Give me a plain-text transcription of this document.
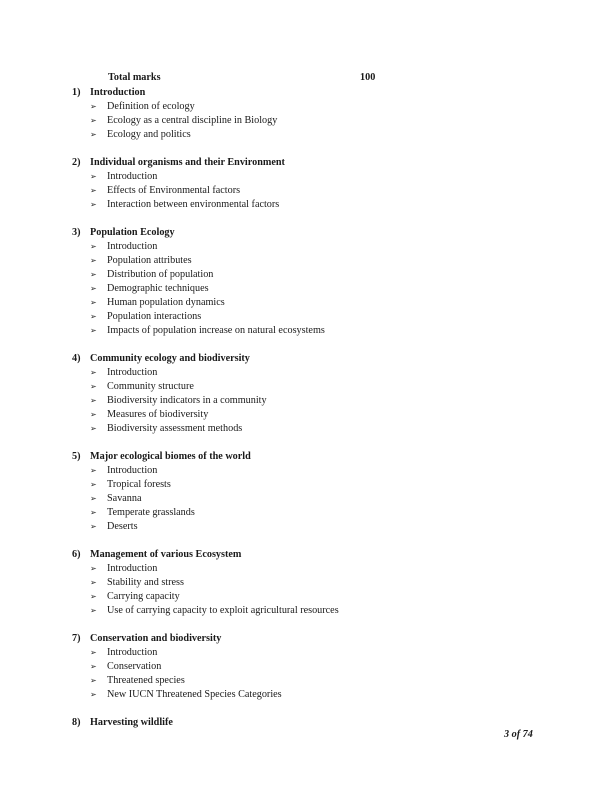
Total marks	100
1) Introduction
➢ Definition of ecology
➢ Ecology as a central discipline in Biology
➢ Ecology and politics
2) Individual organisms and their Environment
➢ Introduction
➢ Effects of Environmental factors
➢ Interaction between environmental factors
3) Population Ecology
➢ Introduction
➢ Population attributes
➢ Distribution of population
➢ Demographic techniques
➢ Human population dynamics
➢ Population interactions
➢ Impacts of population increase on natural ecosystems
4) Community ecology and biodiversity
➢ Introduction
➢ Community structure
➢ Biodiversity indicators in a community
➢ Measures of biodiversity
➢ Biodiversity assessment methods
5) Major ecological biomes of the world
➢ Introduction
➢ Tropical forests
➢ Savanna
➢ Temperate grasslands
➢ Deserts
6) Management of various Ecosystem
➢ Introduction
➢ Stability and stress
➢ Carrying capacity
➢ Use of carrying capacity to exploit agricultural resources
7) Conservation and biodiversity
➢ Introduction
➢ Conservation
➢ Threatened species
➢ New IUCN Threatened Species Categories
8) Harvesting wildlife
3 of 74
